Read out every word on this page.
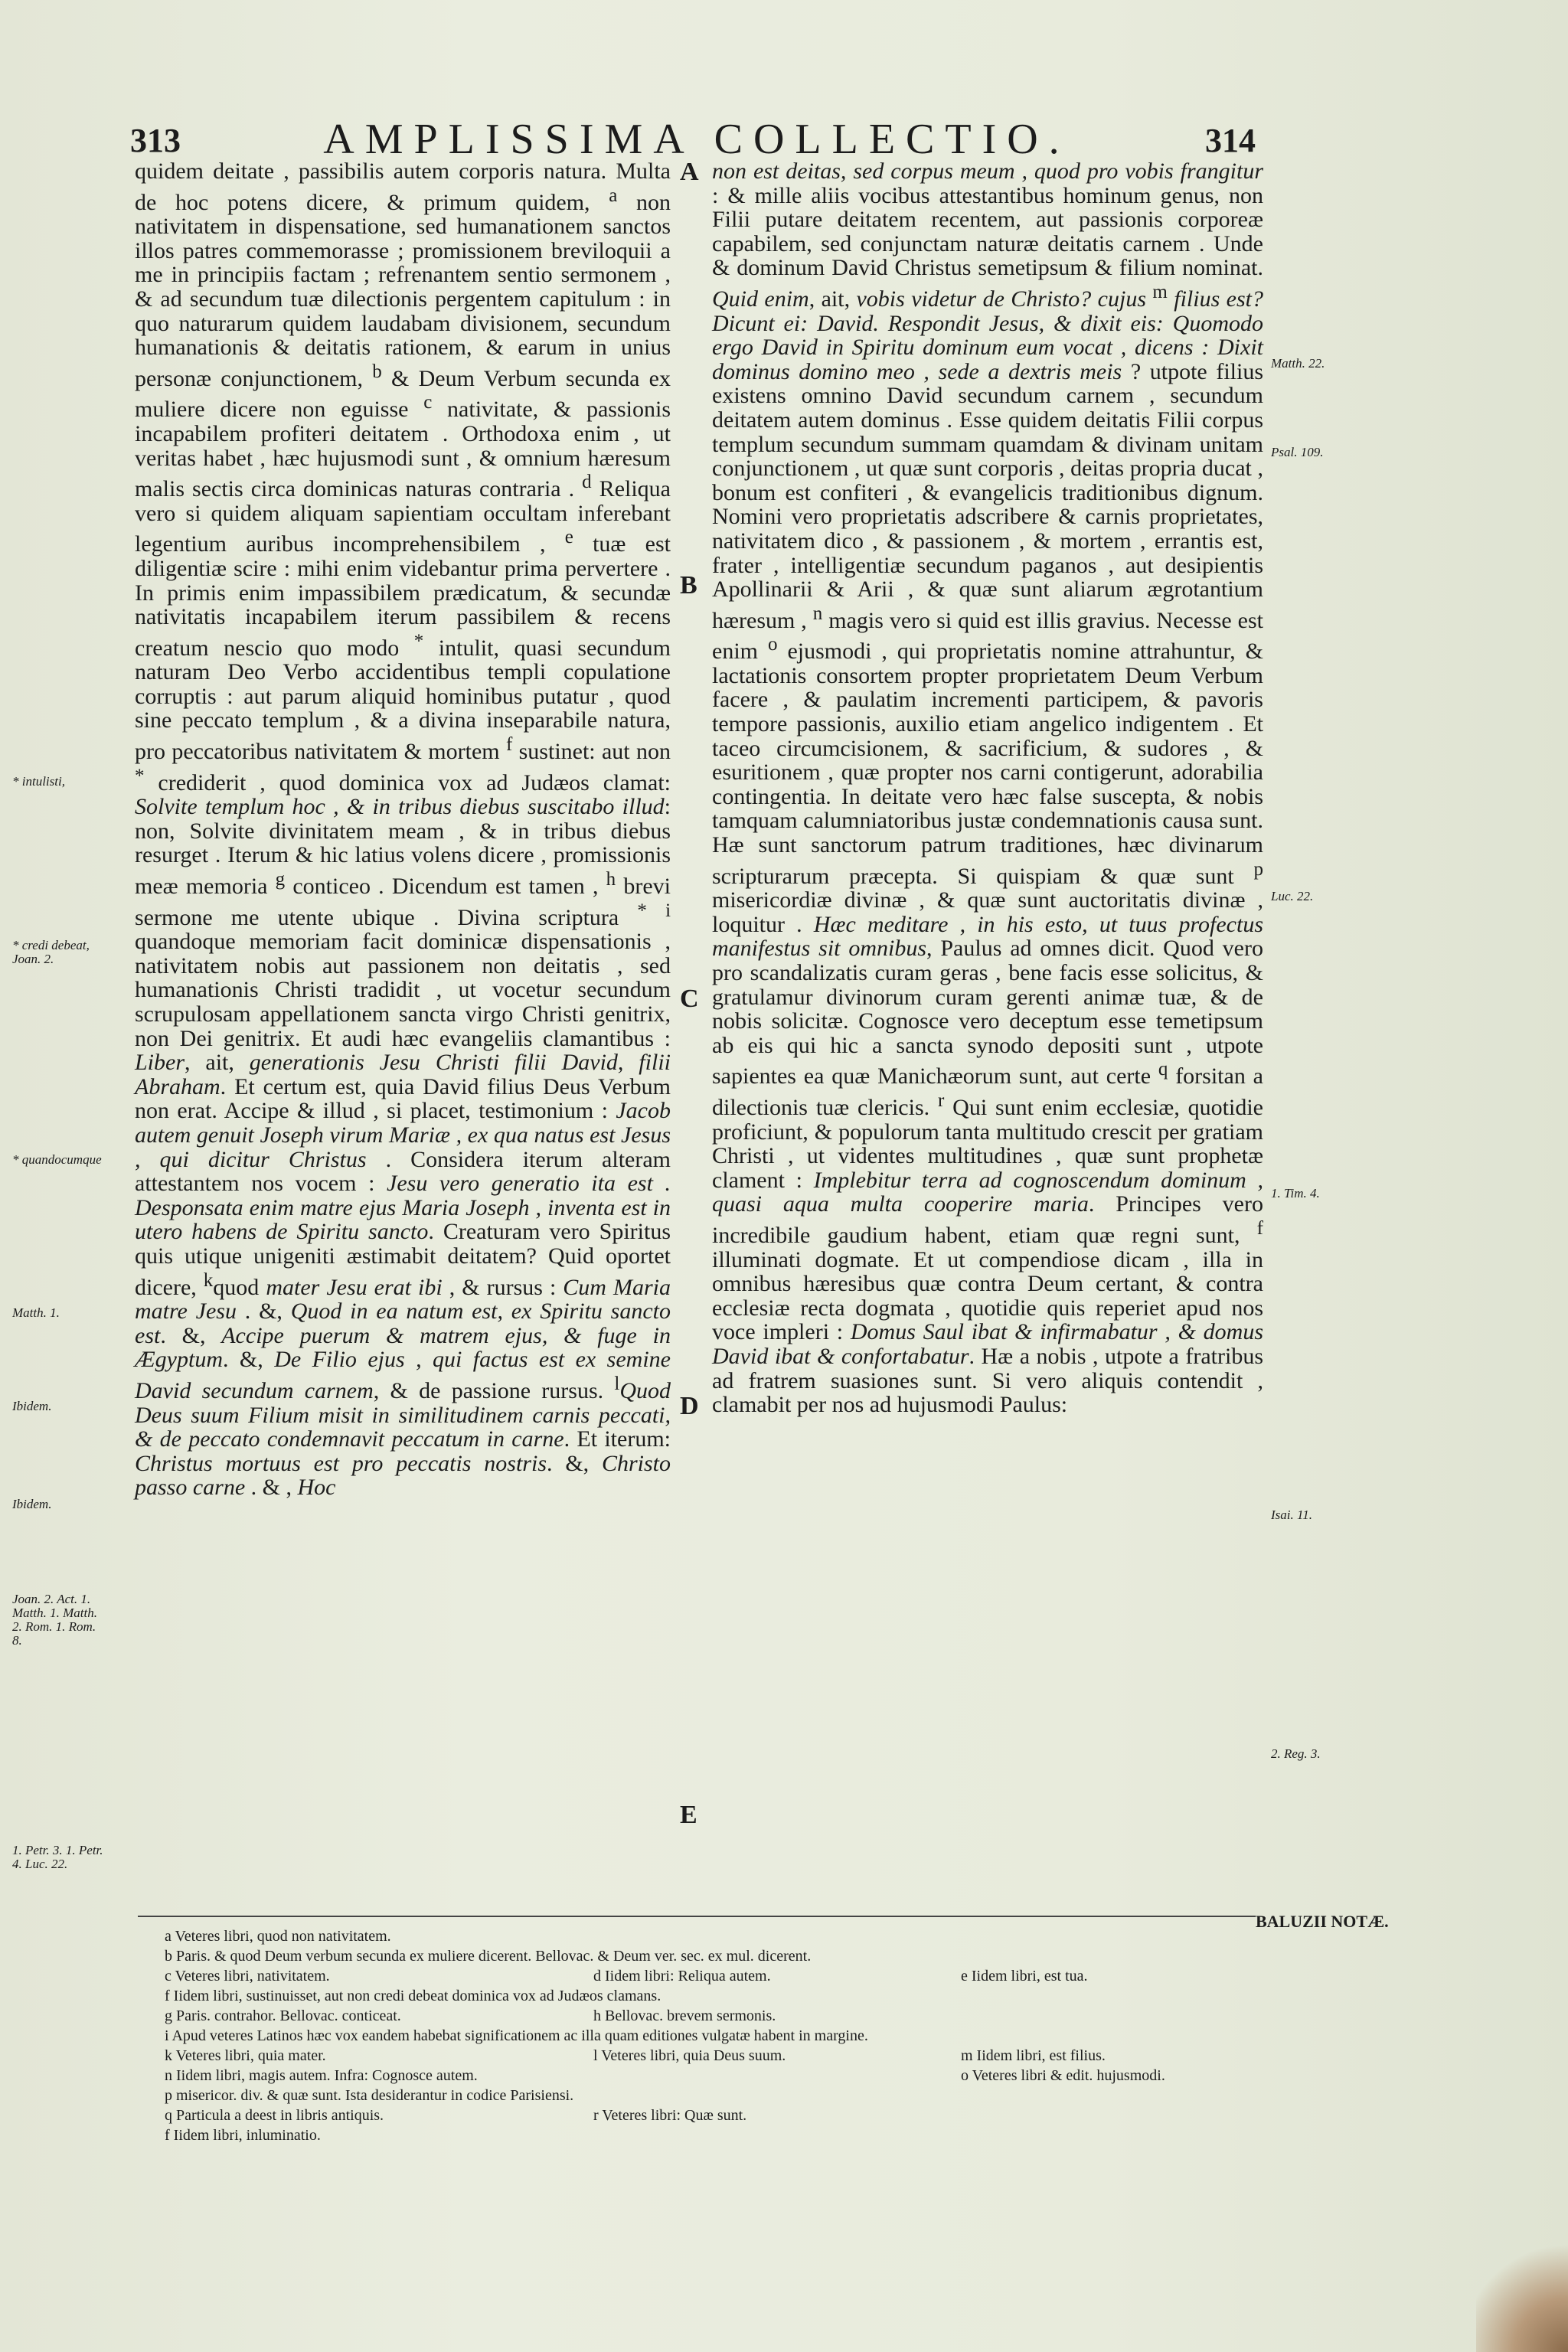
313	AMPLISSIMA COLLECTIO.	314

quidem deitate , passibilis autem corporis natura. Multa de hoc potens dicere, & primum quidem, $^a$ non nativitatem in dispensatione, sed humanationem sanctos illos patres commemorasse ; promissionem breviloquii a me in principiis factam ; refrenantem sentio sermonem , & ad secundum tuæ dilectionis pergentem capitulum : in quo naturarum quidem laudabam divisionem, secundum humanationis & deitatis rationem, & earum in unius personæ conjunctionem, $^b$ & Deum Verbum secunda ex muliere dicere non eguisse $^c$ nativitate, & passionis incapabilem profiteri deitatem . Orthodoxa enim , ut veritas habet , hæc hujusmodi sunt , & omnium hæresum malis sectis circa dominicas naturas contraria . $^d$ Reliqua vero si quidem aliquam sapientiam occultam inferebant legentium auribus incomprehensibilem , $^e$ tuæ est diligentiæ scire : mihi enim videbantur prima pervertere . In primis enim impassibilem prædicatum, & secundæ nativitatis incapabilem iterum passibilem & recens creatum nescio quo modo * intulit, quasi secundum naturam Deo Verbo accidentibus templi copulatione corruptis : aut parum aliquid hominibus putatur , quod sine peccato templum , & a divina inseparabile natura, pro peccatoribus nativitatem & mortem $^f$ sustinet: aut non * crediderit , quod dominica vox ad Judæos clamat: Solvite templum hoc , & in tribus diebus suscitabo illud: non, Solvite divinitatem meam , & in tribus diebus resurget . Iterum & hic latius volens dicere , promissionis meæ memoria $^g$ conticeo . Dicendum est tamen , $^h$ brevi sermone me utente ubique . Divina scriptura * $^i$ quandoque memoriam facit dominicæ dispensationis , nativitatem nobis aut passionem non deitatis , sed humanationis Christi tradidit , ut vocetur secundum scrupulosam appellationem sancta virgo Christi genitrix, non Dei genitrix. Et audi hæc evangeliis clamantibus : Liber, ait, generationis Jesu Christi filii David, filii Abraham. Et certum est, quia David filius Deus Verbum non erat. Accipe & illud , si placet, testimonium : Jacob autem genuit Joseph virum Mariæ , ex qua natus est Jesus , qui dicitur Christus . Considera iterum alteram attestantem nos vocem : Jesu vero generatio ita est . Desponsata enim matre ejus Maria Joseph , inventa est in utero habens de Spiritu sancto. Creaturam vero Spiritus quis utique unigeniti æstimabit deitatem? Quid oportet dicere, $^k$quod mater Jesu erat ibi , & rursus : Cum Maria matre Jesu . &, Quod in ea natum est, ex Spiritu sancto est. &, Accipe puerum & matrem ejus, & fuge in Ægyptum. &, De Filio ejus , qui factus est ex semine David secundum carnem, & de passione rursus. $^l$Quod Deus suum Filium misit in similitudinem carnis peccati, & de peccato condemnavit peccatum in carne. Et iterum: Christus mortuus est pro peccatis nostris. &, Christo passo carne . & , Hoc

non est deitas, sed corpus meum , quod pro vobis frangitur : & mille aliis vocibus attestantibus hominum genus, non Filii putare deitatem recentem, aut passionis corporeæ capabilem, sed conjunctam naturæ deitatis carnem . Unde & dominum David Christus semetipsum & filium nominat. Quid enim, ait, vobis videtur de Christo? cujus $^m$ filius est? Dicunt ei: David. Respondit Jesus, & dixit eis: Quomodo ergo David in Spiritu dominum eum vocat , dicens : Dixit dominus domino meo , sede a dextris meis ? utpote filius existens omnino David secundum carnem , secundum deitatem autem dominus . Esse quidem deitatis Filii corpus templum secundum summam quamdam & divinam unitam conjunctionem , ut quæ sunt corporis , deitas propria ducat , bonum est confiteri , & evangelicis traditionibus dignum. Nomini vero proprietatis adscribere & carnis proprietates, nativitatem dico , & passionem , & mortem , errantis est, frater , intelligentiæ secundum paganos , aut desipientis Apollinarii & Arii , & quæ sunt aliarum ægrotantium hæresum , $^n$ magis vero si quid est illis gravius. Necesse est enim $^o$ ejusmodi , qui proprietatis nomine attrahuntur, & lactationis consortem propter proprietatem Deum Verbum facere , & paulatim incrementi participem, & pavoris tempore passionis, auxilio etiam angelico indigentem . Et taceo circumcisionem, & sacrificium, & sudores , & esuritionem , quæ propter nos carni contigerunt, adorabilia contingentia. In deitate vero hæc false suscepta, & nobis tamquam calumniatoribus justæ condemnationis causa sunt. Hæ sunt sanctorum patrum traditiones, hæc divinarum scripturarum præcepta. Si quispiam & quæ sunt $^p$ misericordiæ divinæ , & quæ sunt auctoritatis divinæ , loquitur . Hæc meditare , in his esto, ut tuus profectus manifestus sit omnibus, Paulus ad omnes dicit. Quod vero pro scandalizatis curam geras , bene facis esse solicitus, & gratulamur divinorum curam gerenti animæ tuæ, & de nobis solicitæ. Cognosce vero deceptum esse temetipsum ab eis qui hic a sancta synodo depositi sunt , utpote sapientes ea quæ Manichæorum sunt, aut certe $^q$ forsitan a dilectionis tuæ clericis. $^r$ Qui sunt enim ecclesiæ, quotidie proficiunt, & populorum tanta multitudo crescit per gratiam Christi , ut videntes multitudines , quæ sunt prophetæ clament : Implebitur terra ad cognoscendum dominum , quasi aqua multa cooperire maria. Principes vero incredibile gaudium habent, etiam quæ regni sunt, $^f$ illuminati dogmate. Et ut compendiose dicam , illa in omnibus hæresibus quæ contra Deum certant, & contra ecclesiæ recta dogmata , quotidie quis reperiet apud nos voce impleri : Domus Saul ibat & infirmabatur , & domus David ibat & confortabatur. Hæ a nobis , utpote a fratribus ad fratrem suasiones sunt. Si vero aliquis contendit , clamabit per nos ad hujusmodi Paulus:

A
B
C
D
E
* intulisti,
* credi debeat, Joan. 2.
* quandocumque
Matth. 1.
Ibidem.
Ibidem.
Joan. 2. Act. 1. Matth. 1. Matth. 2. Rom. 1. Rom. 8.
1. Petr. 3. 1. Petr. 4. Luc. 22.
Matth. 22.
Psal. 109.
Luc. 22.
1. Tim. 4.
Isai. 11.
2. Reg. 3.
BALUZII NOTÆ.
a Veteres libri, quod non nativitatem.
b Paris. & quod Deum verbum secunda ex muliere dicerent. Bellovac. & Deum ver. sec. ex mul. dicerent.
c Veteres libri, nativitatem.	d Iidem libri: Reliqua autem.	e Iidem libri, est tua.
f Iidem libri, sustinuisset, aut non credi debeat dominica vox ad Judæos clamans.
g Paris. contrahor. Bellovac. conticeat.	h Bellovac. brevem sermonis.
i Apud veteres Latinos hæc vox eandem habebat significationem ac illa quam editiones vulgatæ habent in margine.
k Veteres libri, quia mater.	l Veteres libri, quia Deus suum.	m Iidem libri, est filius.
n Iidem libri, magis autem. Infra: Cognosce autem.	o Veteres libri & edit. hujusmodi.
p misericor. div. & quæ sunt. Ista desiderantur in codice Parisiensi.
q Particula a deest in libris antiquis.	r Veteres libri: Quæ sunt.
f Iidem libri, inluminatio.
